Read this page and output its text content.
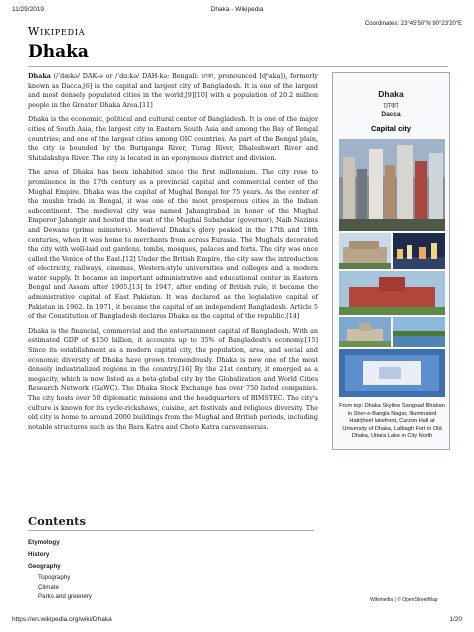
11/29/2019	Dhaka - Wikipedia
Coordinates: 23°45′50″N 90°23′20″E
Wikipedia
Dhaka

Dhaka (/ˈdækə/ DAK-ə or /ˈdɑːkə/ DAH-kə; Bengali: ঢাকা, pronounced [ɖʱaka]), formerly known as Dacca,[6] is the capital and largest city of Bangladesh. It is one of the largest and most densely populated cities in the world,[9][10] with a population of 20.2 million people in the Greater Dhaka Area.[11]

Dhaka is the economic, political and cultural center of Bangladesh. It is one of the major cities of South Asia, the largest city in Eastern South Asia and among the Bay of Bengal countries; and one of the largest cities among OIC countries. As part of the Bengal plain, the city is bounded by the Buriganga River, Turag River, Dhaleshwari River and Shitalakshya River. The city is located in an eponymous district and division.

The area of Dhaka has been inhabited since the first millennium. The city rose to prominence in the 17th century as a provincial capital and commercial center of the Mughal Empire. Dhaka was the capital of Mughal Bengal for 75 years. As the center of the muslin trade in Bengal, it was one of the most prosperous cities in the Indian subcontinent. The medieval city was named Jahangirabad in honor of the Mughal Emperor Jahangir and hosted the seat of the Mughal Subahdar (governor), Naib Nazims and Dewans (prime ministers). Medieval Dhaka's glory peaked in the 17th and 18th centuries, when it was home to merchants from across Eurasia. The Mughals decorated the city with well-laid out gardens, tombs, mosques, palaces and forts. The city was once called the Venice of the East.[12] Under the British Empire, the city saw the introduction of electricity, railways, cinemas, Western-style universities and colleges and a modern water supply. It became an important administrative and educational center in Eastern Bengal and Assam after 1905.[13] In 1947, after ending of British rule, it became the administrative capital of East Pakistan. It was declared as the legislative capital of Pakistan in 1962. In 1971, it became the capital of an independent Bangladesh. Article 5 of the Constitution of Bangladesh declares Dhaka as the capital of the republic.[14]

Dhaka is the financial, commercial and the entertainment capital of Bangladesh. With an estimated GDP of $150 billion, it accounts up to 35% of Bangladesh's economy.[15] Since its establishment as a modern capital city, the population, area, and social and economic diversity of Dhaka have grown tremendously. Dhaka is now one of the most densely industrialized regions in the country.[16] By the 21st century, it emerged as a megacity, which is now listed as a beta-global city by the Globalization and World Cities Research Network (GaWC). The Dhaka Stock Exchange has over 750 listed companies. The city hosts over 50 diplomatic missions and the headquarters of BIMSTEC. The city's culture is known for its cycle-rickshaws, cuisine, art festivals and religious diversity. The old city is home to around 2000 buildings from the Mughal and British periods, including notable structures such as the Bara Katra and Choto Katra caravanserais.

Dhaka
ঢাকা
Dacca
Capital city
From top: Dhaka Skyline Sangsad Bhaban in Sher-e-Bangla Nagar, Illuminated Hatirjheel lakefront, Curzon Hall at University of Dhaka, Lalbagh Fort in Old Dhaka, Uttara Lake in City North
Wikimedia | © OpenStreetMap
Contents
Etymology
History
Geography
Topography
Climate
Parks and greenery
https://en.wikipedia.org/wiki/Dhaka	1/20
